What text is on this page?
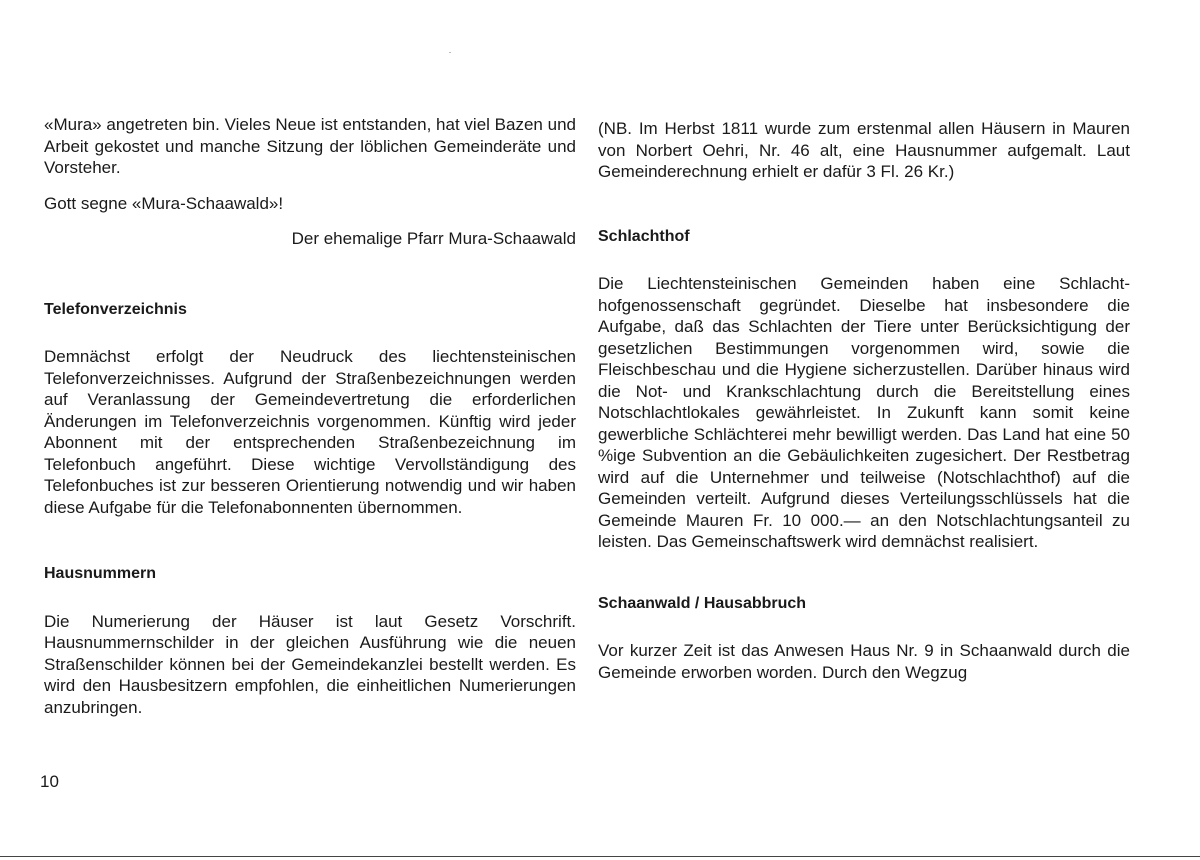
«Mura» angetreten bin. Vieles Neue ist entstanden, hat viel Bazen und Arbeit gekostet und manche Sitzung der löblichen Gemeinderäte und Vorsteher.

Gott segne «Mura-Schaawald»!

Der ehemalige Pfarr Mura-Schaawald
Telefonverzeichnis

Demnächst erfolgt der Neudruck des liechtensteinischen Telefonverzeichnisses. Aufgrund der Straßenbezeichnungen werden auf Veranlassung der Gemeindevertretung die erforderlichen Änderungen im Telefonverzeichnis vorgenommen. Künftig wird jeder Abonnent mit der entsprechenden Straßenbezeichnung im Telefonbuch angeführt. Diese wichtige Vervollständigung des Telefonbuches ist zur besseren Orientierung notwendig und wir haben diese Aufgabe für die Telefonabonnenten übernommen.

Hausnummern

Die Numerierung der Häuser ist laut Gesetz Vorschrift. Hausnummernschilder in der gleichen Ausführung wie die neuen Straßenschilder können bei der Gemeindekanzlei bestellt werden. Es wird den Hausbesitzern empfohlen, die einheitlichen Numerierungen anzubringen.

(NB. Im Herbst 1811 wurde zum erstenmal allen Häusern in Mauren von Norbert Oehri, Nr. 46 alt, eine Hausnummer aufgemalt. Laut Gemeinderechnung erhielt er dafür 3 Fl. 26 Kr.)

Schlachthof

Die Liechtensteinischen Gemeinden haben eine Schlachthofgenossenschaft gegründet. Dieselbe hat insbesondere die Aufgabe, daß das Schlachten der Tiere unter Berücksichtigung der gesetzlichen Bestimmungen vorgenommen wird, sowie die Fleischbeschau und die Hygiene sicherzustellen. Darüber hinaus wird die Not- und Krankschlachtung durch die Bereitstellung eines Notschlachtlokales gewährleistet. In Zukunft kann somit keine gewerbliche Schlächterei mehr bewilligt werden. Das Land hat eine 50 %ige Subvention an die Gebäulichkeiten zugesichert. Der Restbetrag wird auf die Unternehmer und teilweise (Notschlachthof) auf die Gemeinden verteilt. Aufgrund dieses Verteilungsschlüssels hat die Gemeinde Mauren Fr. 10 000.— an den Notschlachtungsanteil zu leisten. Das Gemeinschaftswerk wird demnächst realisiert.

Schaanwald / Hausabbruch

Vor kurzer Zeit ist das Anwesen Haus Nr. 9 in Schaanwald durch die Gemeinde erworben worden. Durch den Wegzug

10
